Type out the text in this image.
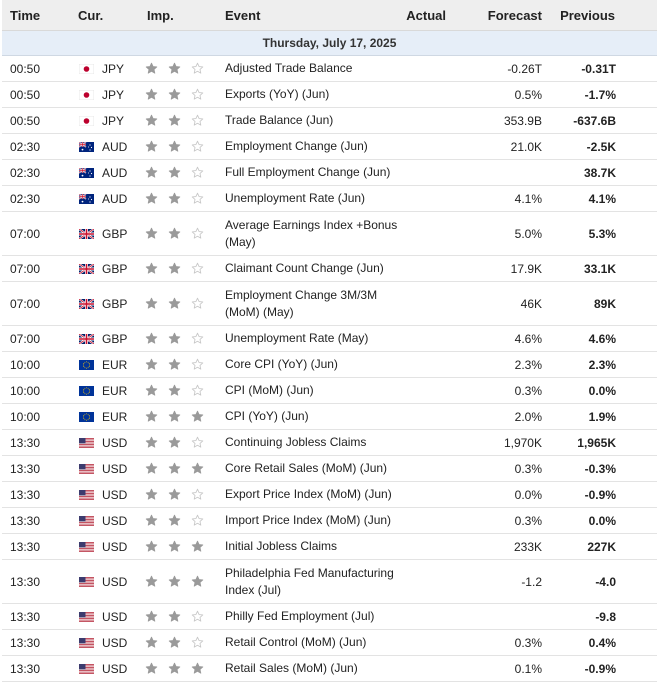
Time	Cur.	Imp.	Event	Actual	Forecast	Previous
Thursday, July 17, 2025						
00:50	JPY		Adjusted Trade Balance		-0.26T	-0.31T
00:50	JPY		Exports (YoY) (Jun)		0.5%	-1.7%
00:50	JPY		Trade Balance (Jun)		353.9B	-637.6B
02:30	AUD		Employment Change (Jun)		21.0K	-2.5K
02:30	AUD		Full Employment Change (Jun)			38.7K
02:30	AUD		Unemployment Rate (Jun)		4.1%	4.1%
07:00	GBP		Average Earnings Index +Bonus (May)		5.0%	5.3%
07:00	GBP		Claimant Count Change (Jun)		17.9K	33.1K
07:00	GBP		Employment Change 3M/3M (MoM) (May)		46K	89K
07:00	GBP		Unemployment Rate (May)		4.6%	4.6%
10:00	EUR		Core CPI (YoY) (Jun)		2.3%	2.3%
10:00	EUR		CPI (MoM) (Jun)		0.3%	0.0%
10:00	EUR		CPI (YoY) (Jun)		2.0%	1.9%
13:30	USD		Continuing Jobless Claims		1,970K	1,965K
13:30	USD		Core Retail Sales (MoM) (Jun)		0.3%	-0.3%
13:30	USD		Export Price Index (MoM) (Jun)		0.0%	-0.9%
13:30	USD		Import Price Index (MoM) (Jun)		0.3%	0.0%
13:30	USD		Initial Jobless Claims		233K	227K
13:30	USD		Philadelphia Fed Manufacturing Index (Jul)		-1.2	-4.0
13:30	USD		Philly Fed Employment (Jul)			-9.8
13:30	USD		Retail Control (MoM) (Jun)		0.3%	0.4%
13:30	USD		Retail Sales (MoM) (Jun)		0.1%	-0.9%
